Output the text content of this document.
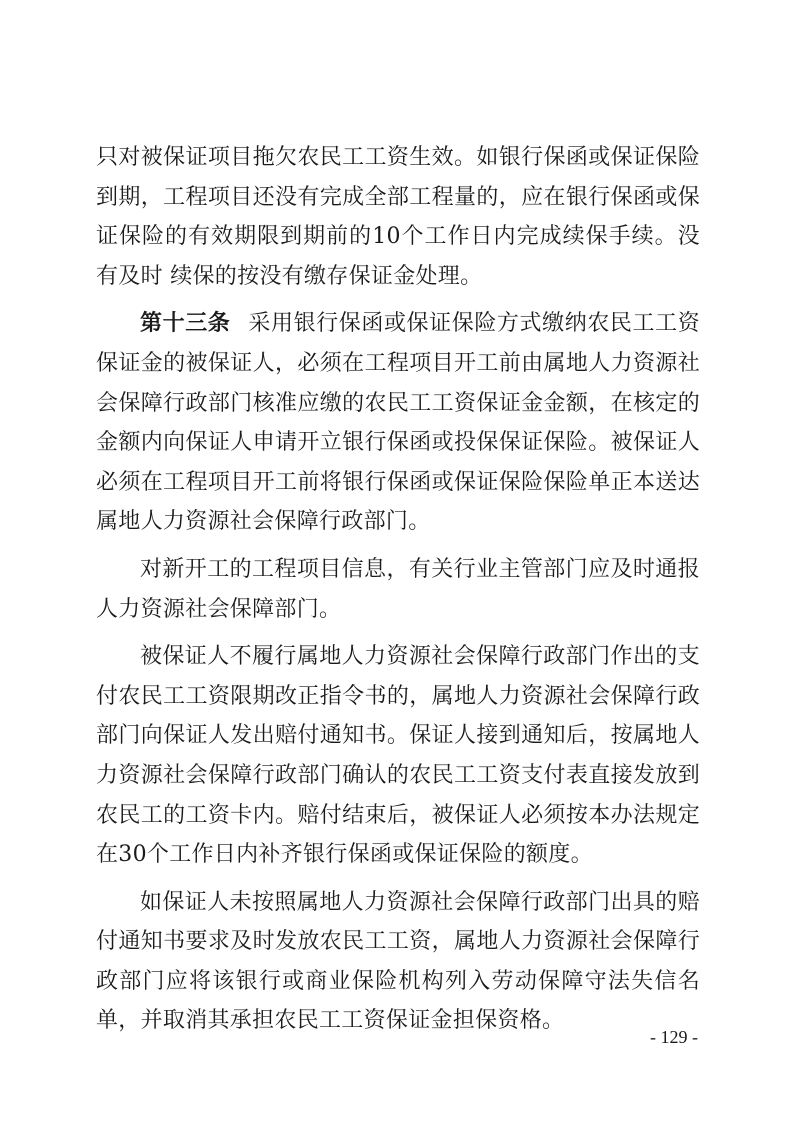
只对被保证项目拖欠农民工工资生效。如银行保函或保证保险到期，工程项目还没有完成全部工程量的，应在银行保函或保证保险的有效期限到期前的10个工作日内完成续保手续。没有及时 续保的按没有缴存保证金处理。

第十三条 采用银行保函或保证保险方式缴纳农民工工资保证金的被保证人，必须在工程项目开工前由属地人力资源社会保障行政部门核准应缴的农民工工资保证金金额，在核定的金额内向保证人申请开立银行保函或投保保证保险。被保证人必须在工程项目开工前将银行保函或保证保险保险单正本送达属地人力资源社会保障行政部门。

对新开工的工程项目信息，有关行业主管部门应及时通报人力资源社会保障部门。

被保证人不履行属地人力资源社会保障行政部门作出的支付农民工工资限期改正指令书的，属地人力资源社会保障行政部门向保证人发出赔付通知书。保证人接到通知后，按属地人力资源社会保障行政部门确认的农民工工资支付表直接发放到农民工的工资卡内。赔付结束后，被保证人必须按本办法规定在30个工作日内补齐银行保函或保证保险的额度。

如保证人未按照属地人力资源社会保障行政部门出具的赔付通知书要求及时发放农民工工资，属地人力资源社会保障行政部门应将该银行或商业保险机构列入劳动保障守法失信名单，并取消其承担农民工工资保证金担保资格。

- 129 -
